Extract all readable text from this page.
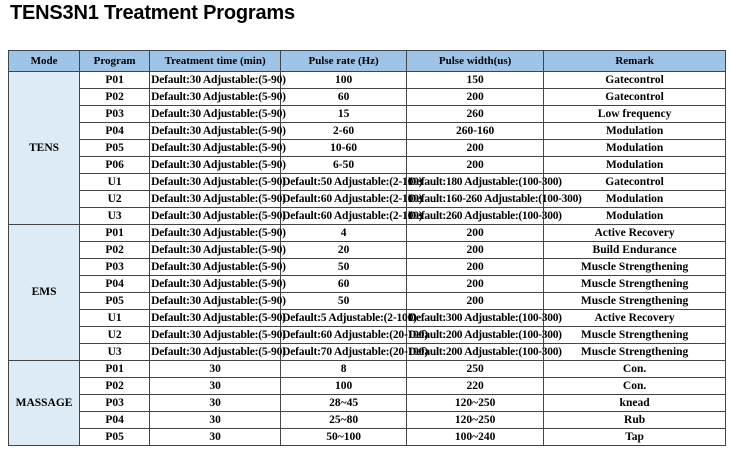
TENS3N1 Treatment Programs
Mode	Program	Treatment time (min)	Pulse rate (Hz)	Pulse width(us)	Remark
TENS	P01	Default:30 Adjustable:(5-90)	100	150	Gatecontrol
	P02	Default:30 Adjustable:(5-90)	60	200	Gatecontrol
	P03	Default:30 Adjustable:(5-90)	15	260	Low frequency
	P04	Default:30 Adjustable:(5-90)	2-60	260-160	Modulation
	P05	Default:30 Adjustable:(5-90)	10-60	200	Modulation
	P06	Default:30 Adjustable:(5-90)	6-50	200	Modulation
	U1	Default:30 Adjustable:(5-90)	Default:50 Adjustable:(2-100)	Default:180 Adjustable:(100-300)	Gatecontrol
	U2	Default:30 Adjustable:(5-90)	Default:60 Adjustable:(2-100)	Default:160-260 Adjustable:(100-300)	Modulation
	U3	Default:30 Adjustable:(5-90)	Default:60 Adjustable:(2-100)	Default:260 Adjustable:(100-300)	Modulation
EMS	P01	Default:30 Adjustable:(5-90)	4	200	Active Recovery
	P02	Default:30 Adjustable:(5-90)	20	200	Build Endurance
	P03	Default:30 Adjustable:(5-90)	50	200	Muscle Strengthening
	P04	Default:30 Adjustable:(5-90)	60	200	Muscle Strengthening
	P05	Default:30 Adjustable:(5-90)	50	200	Muscle Strengthening
	U1	Default:30 Adjustable:(5-90)	Default:5 Adjustable:(2-100)	Default:300 Adjustable:(100-300)	Active Recovery
	U2	Default:30 Adjustable:(5-90)	Default:60 Adjustable:(20-100)	Default:200 Adjustable:(100-300)	Muscle Strengthening
	U3	Default:30 Adjustable:(5-90)	Default:70 Adjustable:(20-100)	Default:200 Adjustable:(100-300)	Muscle Strengthening
MASSAGE	P01	30	8	250	Con.
	P02	30	100	220	Con.
	P03	30	28~45	120~250	knead
	P04	30	25~80	120~250	Rub
	P05	30	50~100	100~240	Tap
